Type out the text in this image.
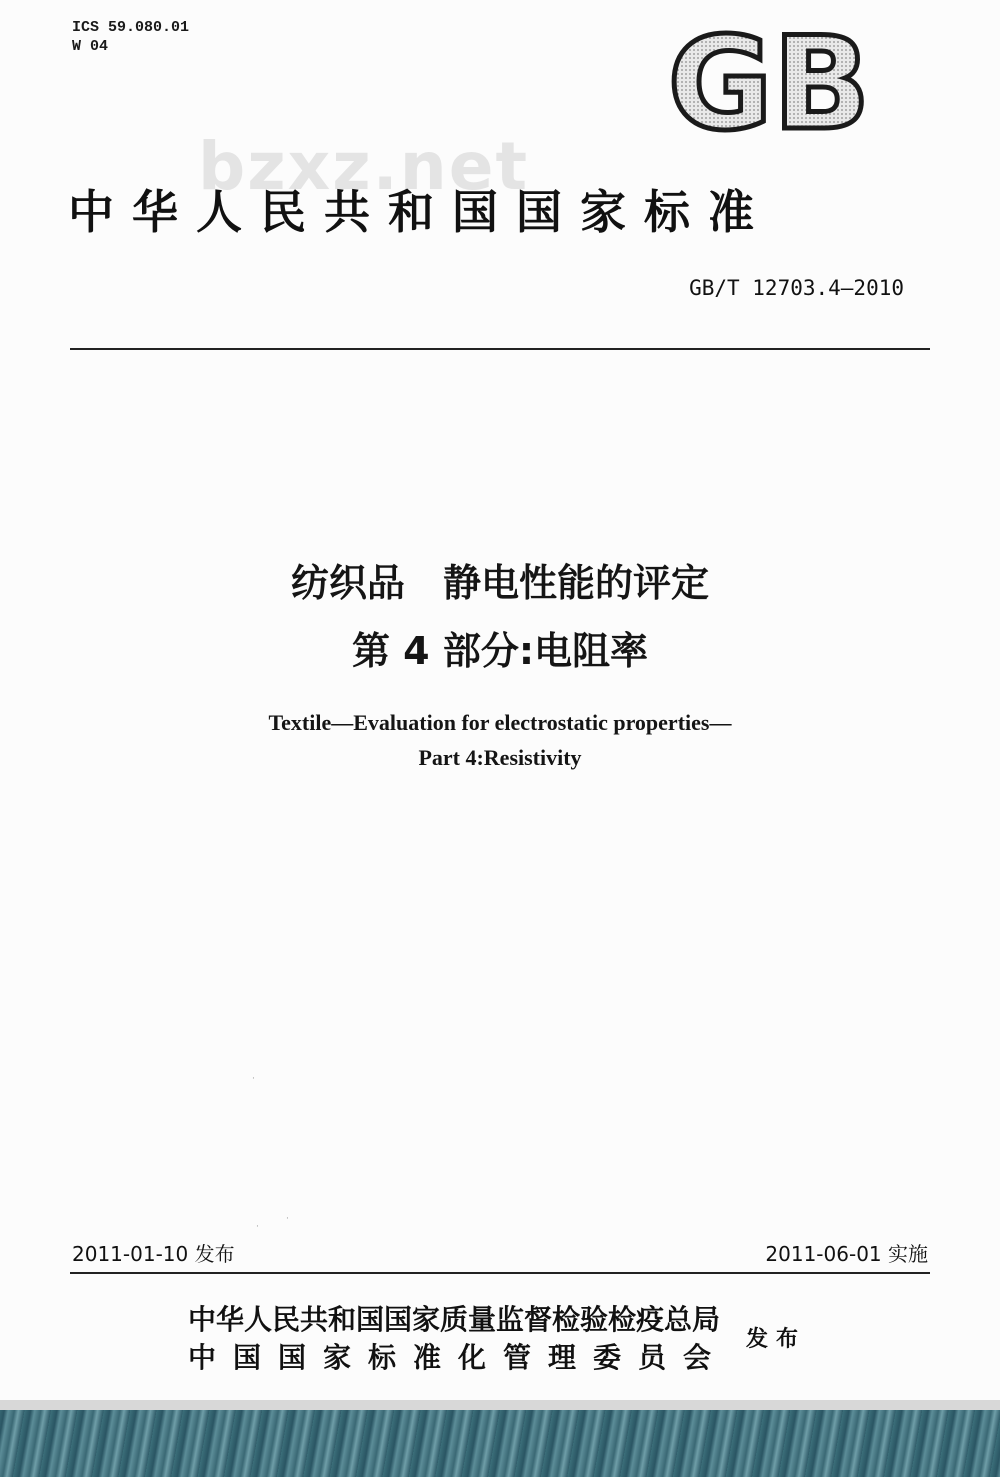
ICS 59.080.01
W 04	GB
bzxz.net
中华人民共和国国家标准
GB/T 12703.4—2010
纺织品　静电性能的评定
第 4 部分:电阻率
Textile—Evaluation for electrostatic properties—
Part 4:Resistivity
·
·
·
2011-01-10 发布	2011-06-01 实施
中华人民共和国国家质量监督检验检疫总局
中国国家标准化管理委员会
发布
